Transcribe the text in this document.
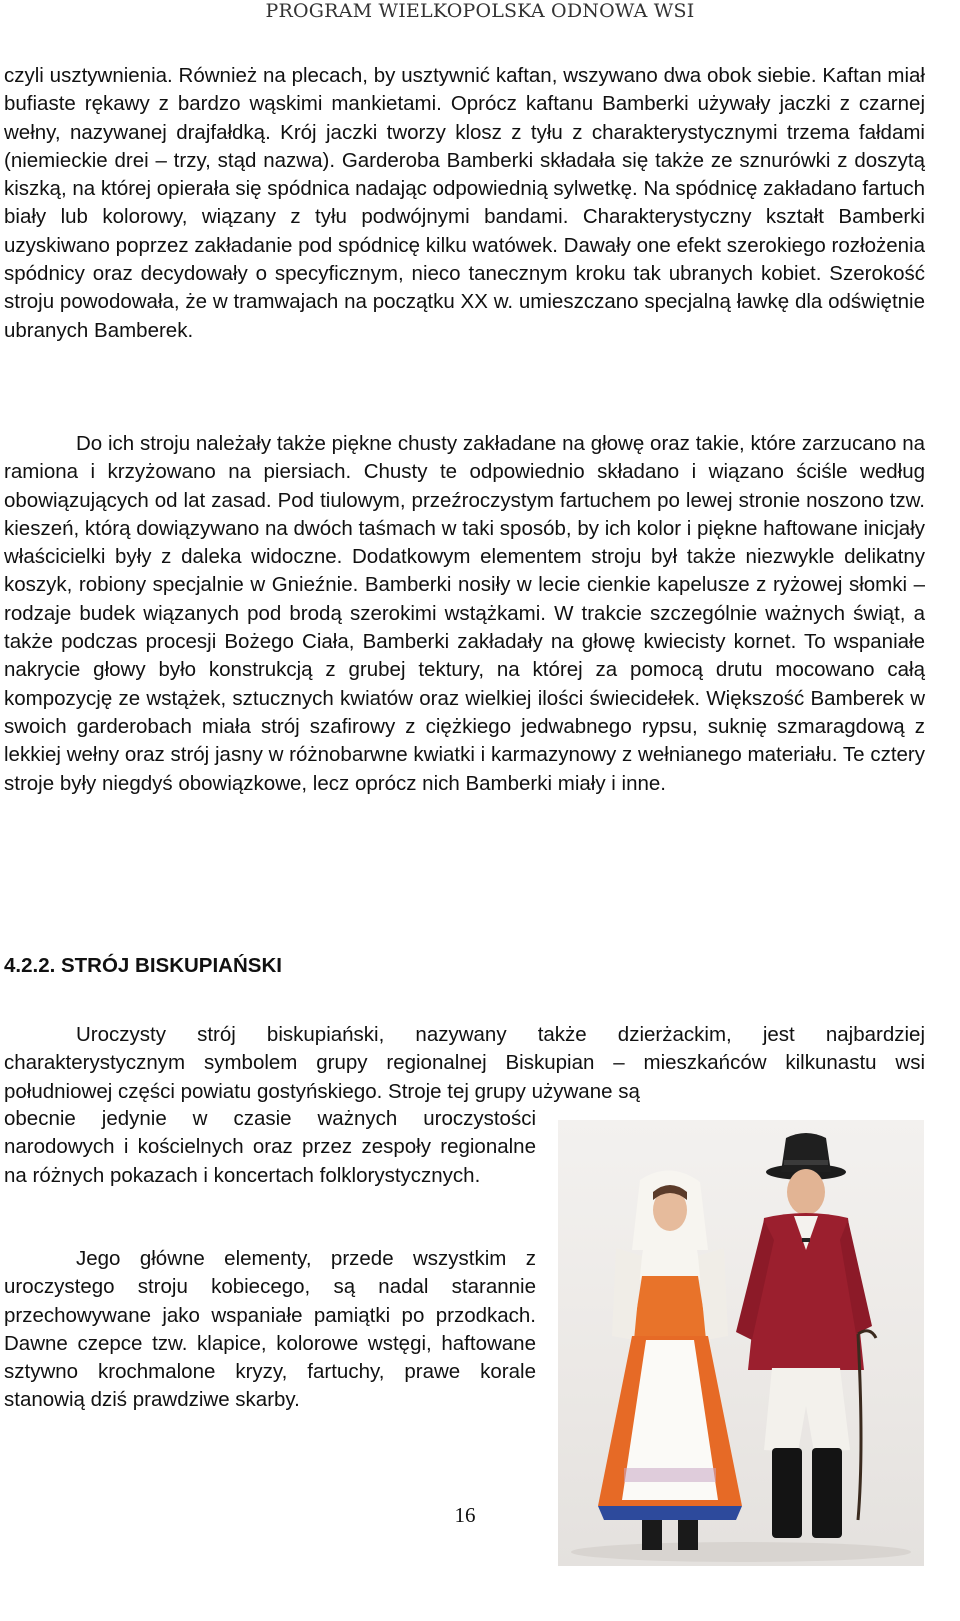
PROGRAM WIELKOPOLSKA ODNOWA WSI

czyli usztywnienia. Również na plecach, by usztywnić kaftan, wszywano dwa obok siebie. Kaftan miał bufiaste rękawy z bardzo wąskimi mankietami. Oprócz kaftanu Bamberki używały jaczki z czarnej wełny, nazywanej drajfałdką. Krój jaczki tworzy klosz z tyłu z charakterystycznymi trzema fałdami (niemieckie drei – trzy, stąd nazwa). Garderoba Bamberki składała się także ze sznurówki z doszytą kiszką, na której opierała się spódnica nadając odpowiednią sylwetkę. Na spódnicę zakładano fartuch biały lub kolorowy, wiązany z tyłu podwójnymi bandami. Charakterystyczny kształt Bamberki uzyskiwano poprzez zakładanie pod spódnicę kilku watówek. Dawały one efekt szerokiego rozłożenia spódnicy oraz decydowały o specyficznym, nieco tanecznym kroku tak ubranych kobiet. Szerokość stroju powodowała, że w tramwajach na początku XX w. umieszczano specjalną ławkę dla odświętnie ubranych Bamberek.

Do ich stroju należały także piękne chusty zakładane na głowę oraz takie, które zarzucano na ramiona i krzyżowano na piersiach. Chusty te odpowiednio składano i wiązano ściśle według obowiązujących od lat zasad. Pod tiulowym, przeźroczystym fartuchem po lewej stronie noszono tzw. kieszeń, którą dowiązywano na dwóch taśmach w taki sposób, by ich kolor i piękne haftowane inicjały właścicielki były z daleka widoczne. Dodatkowym elementem stroju był także niezwykle delikatny koszyk, robiony specjalnie w Gnieźnie. Bamberki nosiły w lecie cienkie kapelusze z ryżowej słomki – rodzaje budek wiązanych pod brodą szerokimi wstążkami. W trakcie szczególnie ważnych świąt, a także podczas procesji Bożego Ciała, Bamberki zakładały na głowę kwiecisty kornet. To wspaniałe nakrycie głowy było konstrukcją z grubej tektury, na której za pomocą drutu mocowano całą kompozycję ze wstążek, sztucznych kwiatów oraz wielkiej ilości świecidełek. Większość Bamberek w swoich garderobach miała strój szafirowy z ciężkiego jedwabnego rypsu, suknię szmaragdową z lekkiej wełny oraz strój jasny w różnobarwne kwiatki i karmazynowy z wełnianego materiału. Te cztery stroje były niegdyś obowiązkowe, lecz oprócz nich Bamberki miały i inne.

4.2.2. STRÓJ BISKUPIAŃSKI

Uroczysty strój biskupiański, nazywany także dzierżackim, jest najbardziej charakterystycznym symbolem grupy regionalnej Biskupian – mieszkańców kilkunastu wsi południowej części powiatu gostyńskiego. Stroje tej grupy używane są

obecnie jedynie w czasie ważnych uroczystości narodowych i kościelnych oraz przez zespoły regionalne na różnych pokazach i koncertach folklorystycznych.

Jego główne elementy, przede wszystkim z uroczystego stroju kobiecego, są nadal starannie przechowywane jako wspaniałe pamiątki po przodkach. Dawne czepce tzw. klapice, kolorowe wstęgi, haftowane sztywno krochmalone kryzy, fartuchy, prawe korale stanowią dziś prawdziwe skarby.

16
